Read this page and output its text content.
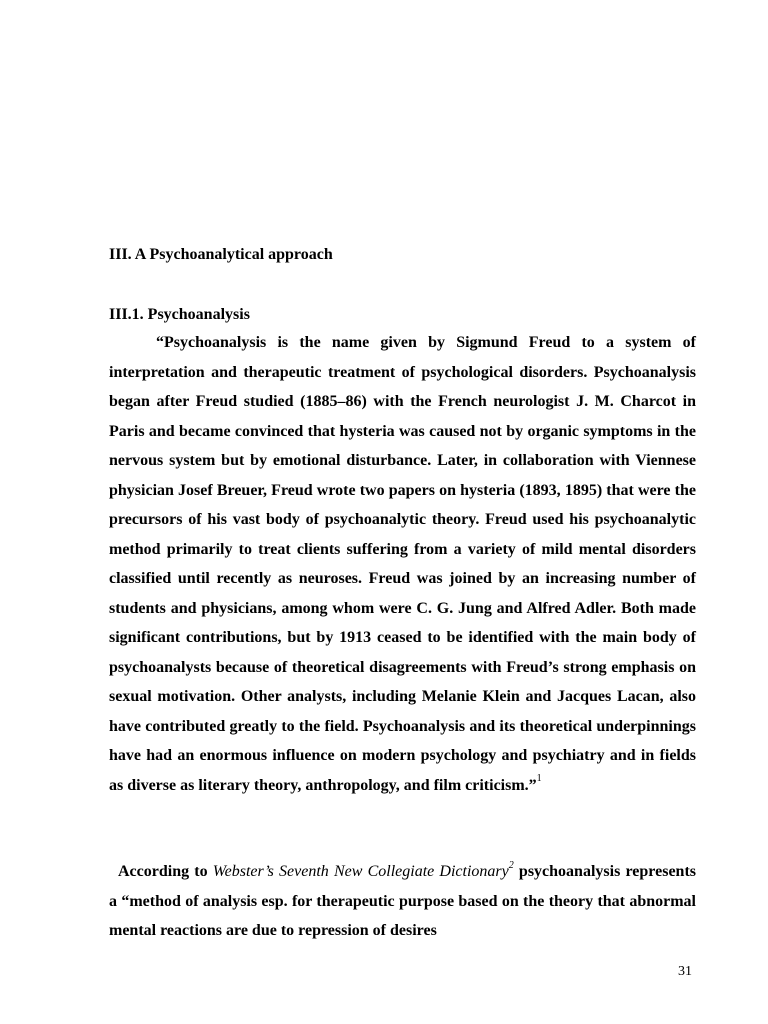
III. A Psychoanalytical approach
III.1. Psychoanalysis
“Psychoanalysis is the name given by Sigmund Freud to a system of interpretation and therapeutic treatment of psychological disorders. Psychoanalysis began after Freud studied (1885–86) with the French neurologist J. M. Charcot in Paris and became convinced that hysteria was caused not by organic symptoms in the nervous system but by emotional disturbance. Later, in collaboration with Viennese physician Josef Breuer, Freud wrote two papers on hysteria (1893, 1895) that were the precursors of his vast body of psychoanalytic theory. Freud used his psychoanalytic method primarily to treat clients suffering from a variety of mild mental disorders classified until recently as neuroses. Freud was joined by an increasing number of students and physicians, among whom were C. G. Jung and Alfred Adler. Both made significant contributions, but by 1913 ceased to be identified with the main body of psychoanalysts because of theoretical disagreements with Freud’s strong emphasis on sexual motivation. Other analysts, including Melanie Klein and Jacques Lacan, also have contributed greatly to the field. Psychoanalysis and its theoretical underpinnings have had an enormous influence on modern psychology and psychiatry and in fields as diverse as literary theory, anthropology, and film criticism.”$^1$
According to Webster’s Seventh New Collegiate Dictionary$^2$ psychoanalysis represents a “method of analysis esp. for therapeutic purpose based on the theory that abnormal mental reactions are due to repression of desires
31
